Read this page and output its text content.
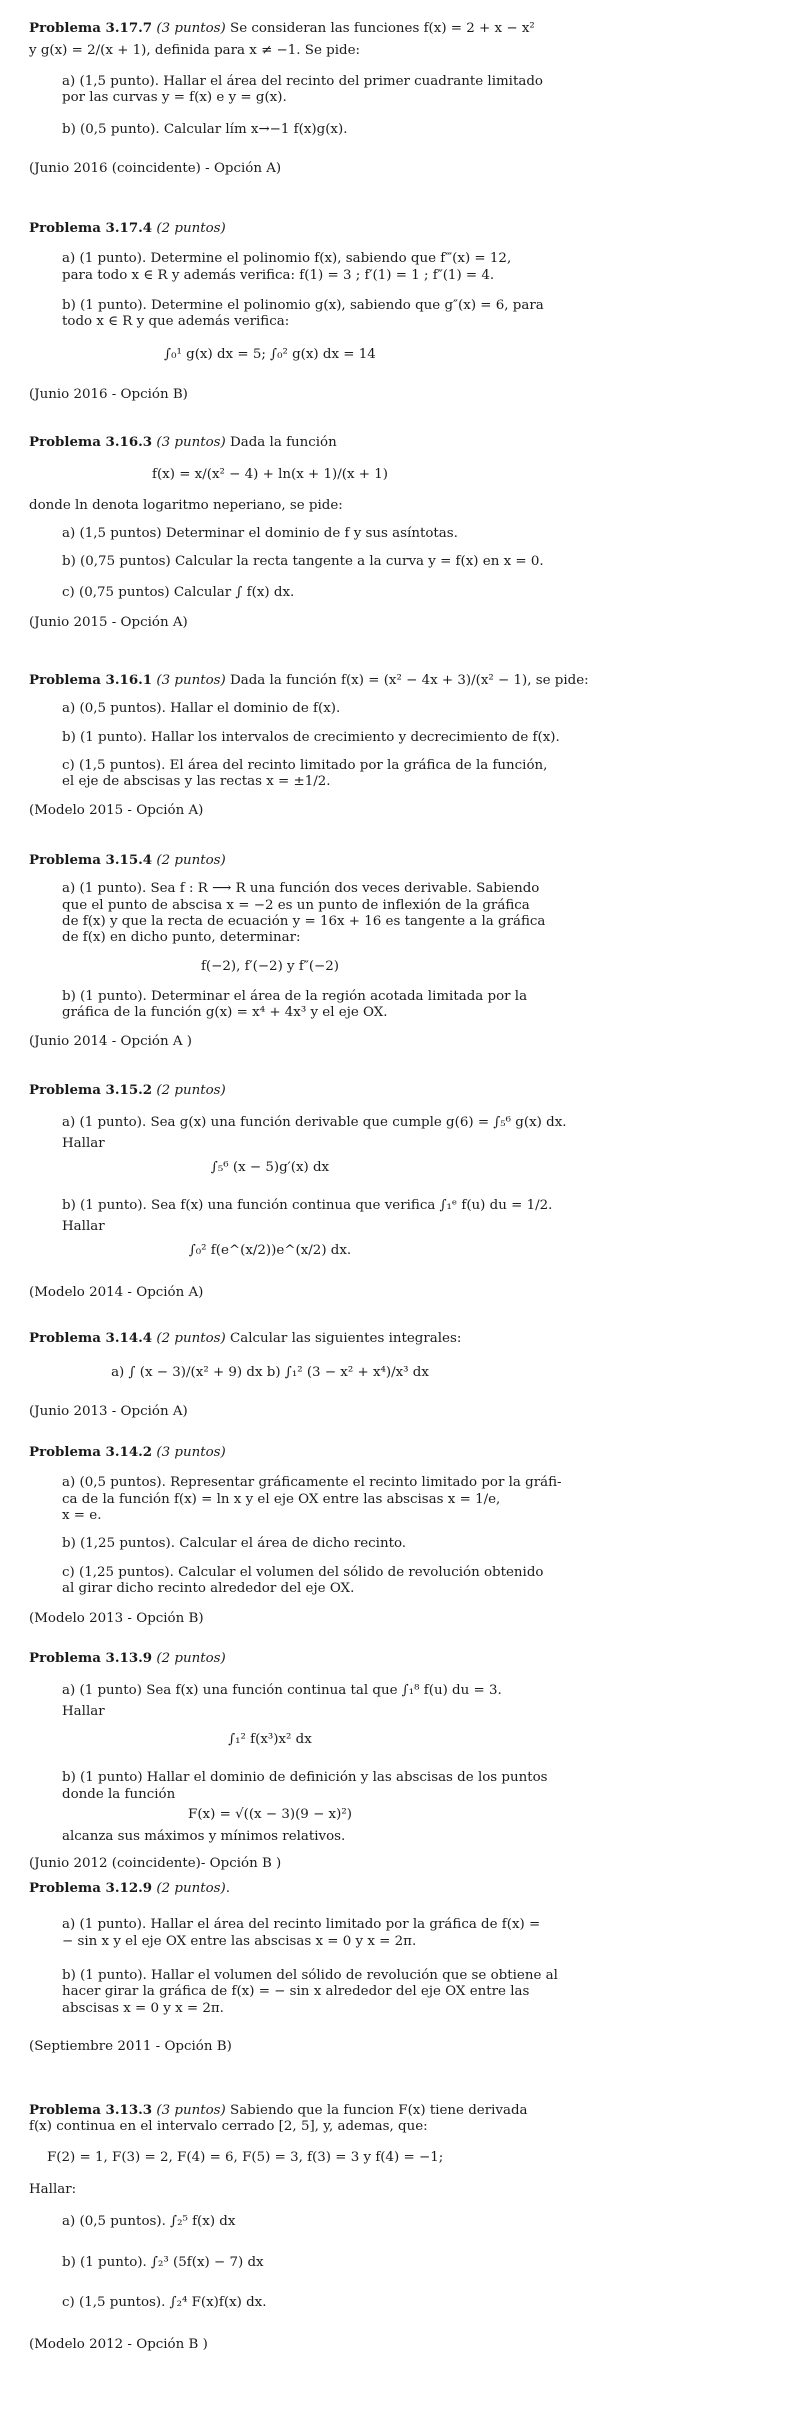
Problema 3.17.7 (3 puntos) Se consideran las funciones f(x) = 2 + x − x²
y g(x) = 2/(x + 1), definida para x ≠ −1. Se pide:
a) (1,5 punto). Hallar el área del recinto del primer cuadrante limitado
por las curvas y = f(x) e y = g(x).
b) (0,5 punto). Calcular lím x→−1 f(x)g(x).
(Junio 2016 (coincidente) - Opción A)
Problema 3.17.4 (2 puntos)
a) (1 punto). Determine el polinomio f(x), sabiendo que f‴(x) = 12,
para todo x ∈ R y además verifica: f(1) = 3 ; f′(1) = 1 ; f″(1) = 4.
b) (1 punto). Determine el polinomio g(x), sabiendo que g″(x) = 6, para
todo x ∈ R y que además verifica:
∫₀¹ g(x) dx = 5; ∫₀² g(x) dx = 14
(Junio 2016 - Opción B)
Problema 3.16.3 (3 puntos) Dada la función
f(x) = x/(x² − 4) + ln(x + 1)/(x + 1)
donde ln denota logaritmo neperiano, se pide:
a) (1,5 puntos) Determinar el dominio de f y sus asíntotas.
b) (0,75 puntos) Calcular la recta tangente a la curva y = f(x) en x = 0.
c) (0,75 puntos) Calcular ∫ f(x) dx.
(Junio 2015 - Opción A)
Problema 3.16.1 (3 puntos) Dada la función f(x) = (x² − 4x + 3)/(x² − 1), se pide:
a) (0,5 puntos). Hallar el dominio de f(x).
b) (1 punto). Hallar los intervalos de crecimiento y decrecimiento de f(x).
c) (1,5 puntos). El área del recinto limitado por la gráfica de la función,
el eje de abscisas y las rectas x = ±1/2.
(Modelo 2015 - Opción A)
Problema 3.15.4 (2 puntos)
a) (1 punto). Sea f : R ⟶ R una función dos veces derivable. Sabiendo
que el punto de abscisa x = −2 es un punto de inflexión de la gráfica
de f(x) y que la recta de ecuación y = 16x + 16 es tangente a la gráfica
de f(x) en dicho punto, determinar:
f(−2), f′(−2) y f″(−2)
b) (1 punto). Determinar el área de la región acotada limitada por la
gráfica de la función g(x) = x⁴ + 4x³ y el eje OX.
(Junio 2014 - Opción A )
Problema 3.15.2 (2 puntos)
a) (1 punto). Sea g(x) una función derivable que cumple g(6) = ∫₅⁶ g(x) dx.
Hallar
∫₅⁶ (x − 5)g′(x) dx
b) (1 punto). Sea f(x) una función continua que verifica ∫₁ᵉ f(u) du = 1/2.
Hallar
∫₀² f(e^(x/2))e^(x/2) dx.
(Modelo 2014 - Opción A)
Problema 3.14.4 (2 puntos) Calcular las siguientes integrales:
a) ∫ (x − 3)/(x² + 9) dx b) ∫₁² (3 − x² + x⁴)/x³ dx
(Junio 2013 - Opción A)
Problema 3.14.2 (3 puntos)
a) (0,5 puntos). Representar gráficamente el recinto limitado por la gráfi-
ca de la función f(x) = ln x y el eje OX entre las abscisas x = 1/e,
x = e.
b) (1,25 puntos). Calcular el área de dicho recinto.
c) (1,25 puntos). Calcular el volumen del sólido de revolución obtenido
al girar dicho recinto alrededor del eje OX.
(Modelo 2013 - Opción B)
Problema 3.13.9 (2 puntos)
a) (1 punto) Sea f(x) una función continua tal que ∫₁⁸ f(u) du = 3.
Hallar
∫₁² f(x³)x² dx
b) (1 punto) Hallar el dominio de definición y las abscisas de los puntos
donde la función
F(x) = √((x − 3)(9 − x)²)
alcanza sus máximos y mínimos relativos.
(Junio 2012 (coincidente)- Opción B )
Problema 3.12.9 (2 puntos).
a) (1 punto). Hallar el área del recinto limitado por la gráfica de f(x) =
− sin x y el eje OX entre las abscisas x = 0 y x = 2π.
b) (1 punto). Hallar el volumen del sólido de revolución que se obtiene al
hacer girar la gráfica de f(x) = − sin x alrededor del eje OX entre las
abscisas x = 0 y x = 2π.
(Septiembre 2011 - Opción B)
Problema 3.13.3 (3 puntos) Sabiendo que la funcion F(x) tiene derivada
f(x) continua en el intervalo cerrado [2, 5], y, ademas, que:
F(2) = 1, F(3) = 2, F(4) = 6, F(5) = 3, f(3) = 3 y f(4) = −1;
Hallar:
a) (0,5 puntos). ∫₂⁵ f(x) dx
b) (1 punto). ∫₂³ (5f(x) − 7) dx
c) (1,5 puntos). ∫₂⁴ F(x)f(x) dx.
(Modelo 2012 - Opción B )
